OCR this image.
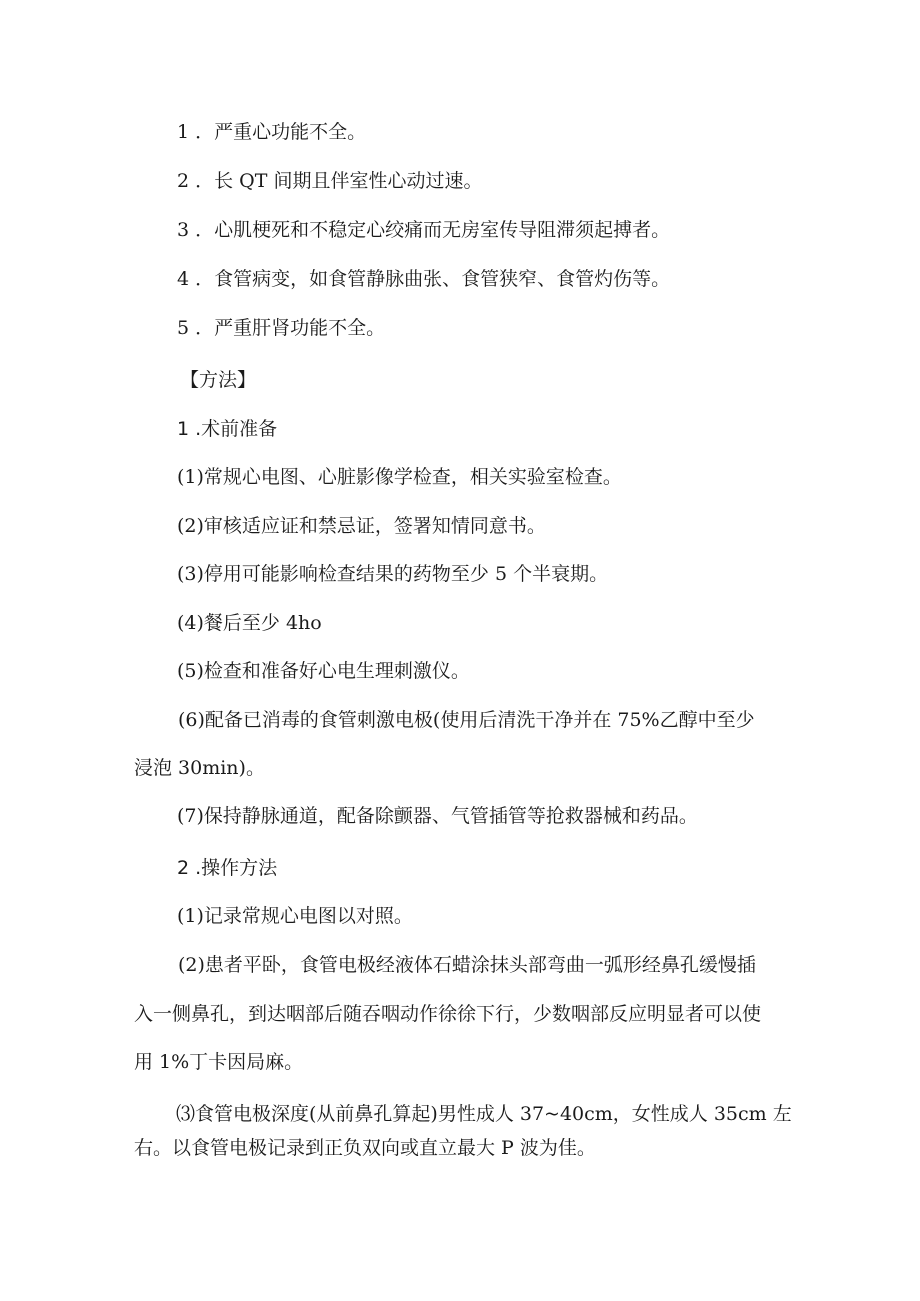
1 ．严重心功能不全。
2 ．长 QT 间期且伴室性心动过速。
3 ．心肌梗死和不稳定心绞痛而无房室传导阻滞须起搏者。
4 ．食管病变，如食管静脉曲张、食管狭窄、食管灼伤等。
5 ．严重肝肾功能不全。
【方法】
1 .术前准备
(1)常规心电图、心脏影像学检查，相关实验室检查。
(2)审核适应证和禁忌证，签署知情同意书。
(3)停用可能影响检查结果的药物至少 5 个半衰期。
(4)餐后至少 4ho
(5)检查和准备好心电生理刺激仪。
(6)配备已消毒的食管刺激电极(使用后清洗干净并在 75%乙醇中至少
浸泡 30min)。
(7)保持静脉通道，配备除颤器、气管插管等抢救器械和药品。
2 .操作方法
(1)记录常规心电图以对照。
(2)患者平卧，食管电极经液体石蜡涂抹头部弯曲一弧形经鼻孔缓慢插
入一侧鼻孔，到达咽部后随吞咽动作徐徐下行，少数咽部反应明显者可以使
用 1%丁卡因局麻。
⑶食管电极深度(从前鼻孔算起)男性成人 37~40cm，女性成人 35cm 左
右。以食管电极记录到正负双向或直立最大 P 波为佳。
